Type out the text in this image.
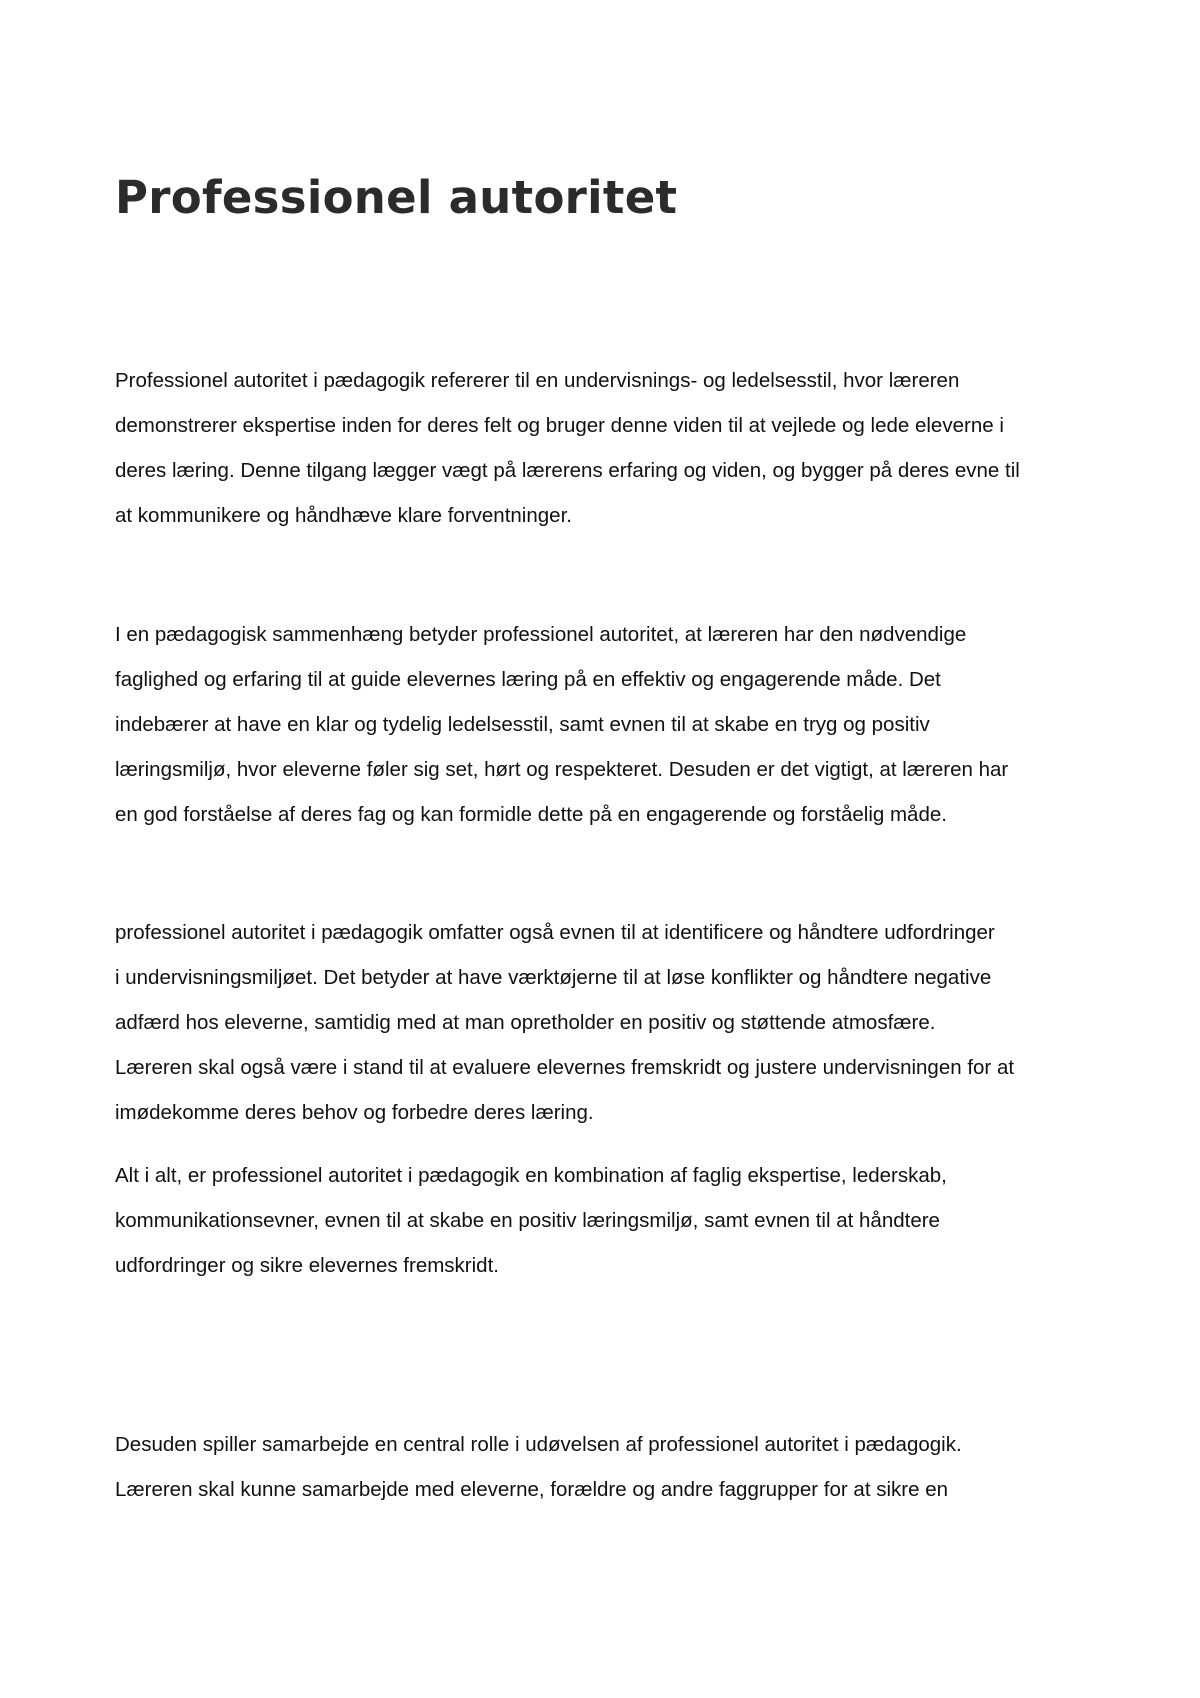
Professionel autoritet

Professionel autoritet i pædagogik refererer til en undervisnings- og ledelsesstil, hvor læreren
demonstrerer ekspertise inden for deres felt og bruger denne viden til at vejlede og lede eleverne i
deres læring. Denne tilgang lægger vægt på lærerens erfaring og viden, og bygger på deres evne til
at kommunikere og håndhæve klare forventninger.

I en pædagogisk sammenhæng betyder professionel autoritet, at læreren har den nødvendige
faglighed og erfaring til at guide elevernes læring på en effektiv og engagerende måde. Det
indebærer at have en klar og tydelig ledelsesstil, samt evnen til at skabe en tryg og positiv
læringsmiljø, hvor eleverne føler sig set, hørt og respekteret. Desuden er det vigtigt, at læreren har
en god forståelse af deres fag og kan formidle dette på en engagerende og forståelig måde.

professionel autoritet i pædagogik omfatter også evnen til at identificere og håndtere udfordringer
i undervisningsmiljøet. Det betyder at have værktøjerne til at løse konflikter og håndtere negative
adfærd hos eleverne, samtidig med at man opretholder en positiv og støttende atmosfære.
Læreren skal også være i stand til at evaluere elevernes fremskridt og justere undervisningen for at
imødekomme deres behov og forbedre deres læring.

Alt i alt, er professionel autoritet i pædagogik en kombination af faglig ekspertise, lederskab,
kommunikationsevner, evnen til at skabe en positiv læringsmiljø, samt evnen til at håndtere
udfordringer og sikre elevernes fremskridt.

Desuden spiller samarbejde en central rolle i udøvelsen af professionel autoritet i pædagogik.
Læreren skal kunne samarbejde med eleverne, forældre og andre faggrupper for at sikre en
